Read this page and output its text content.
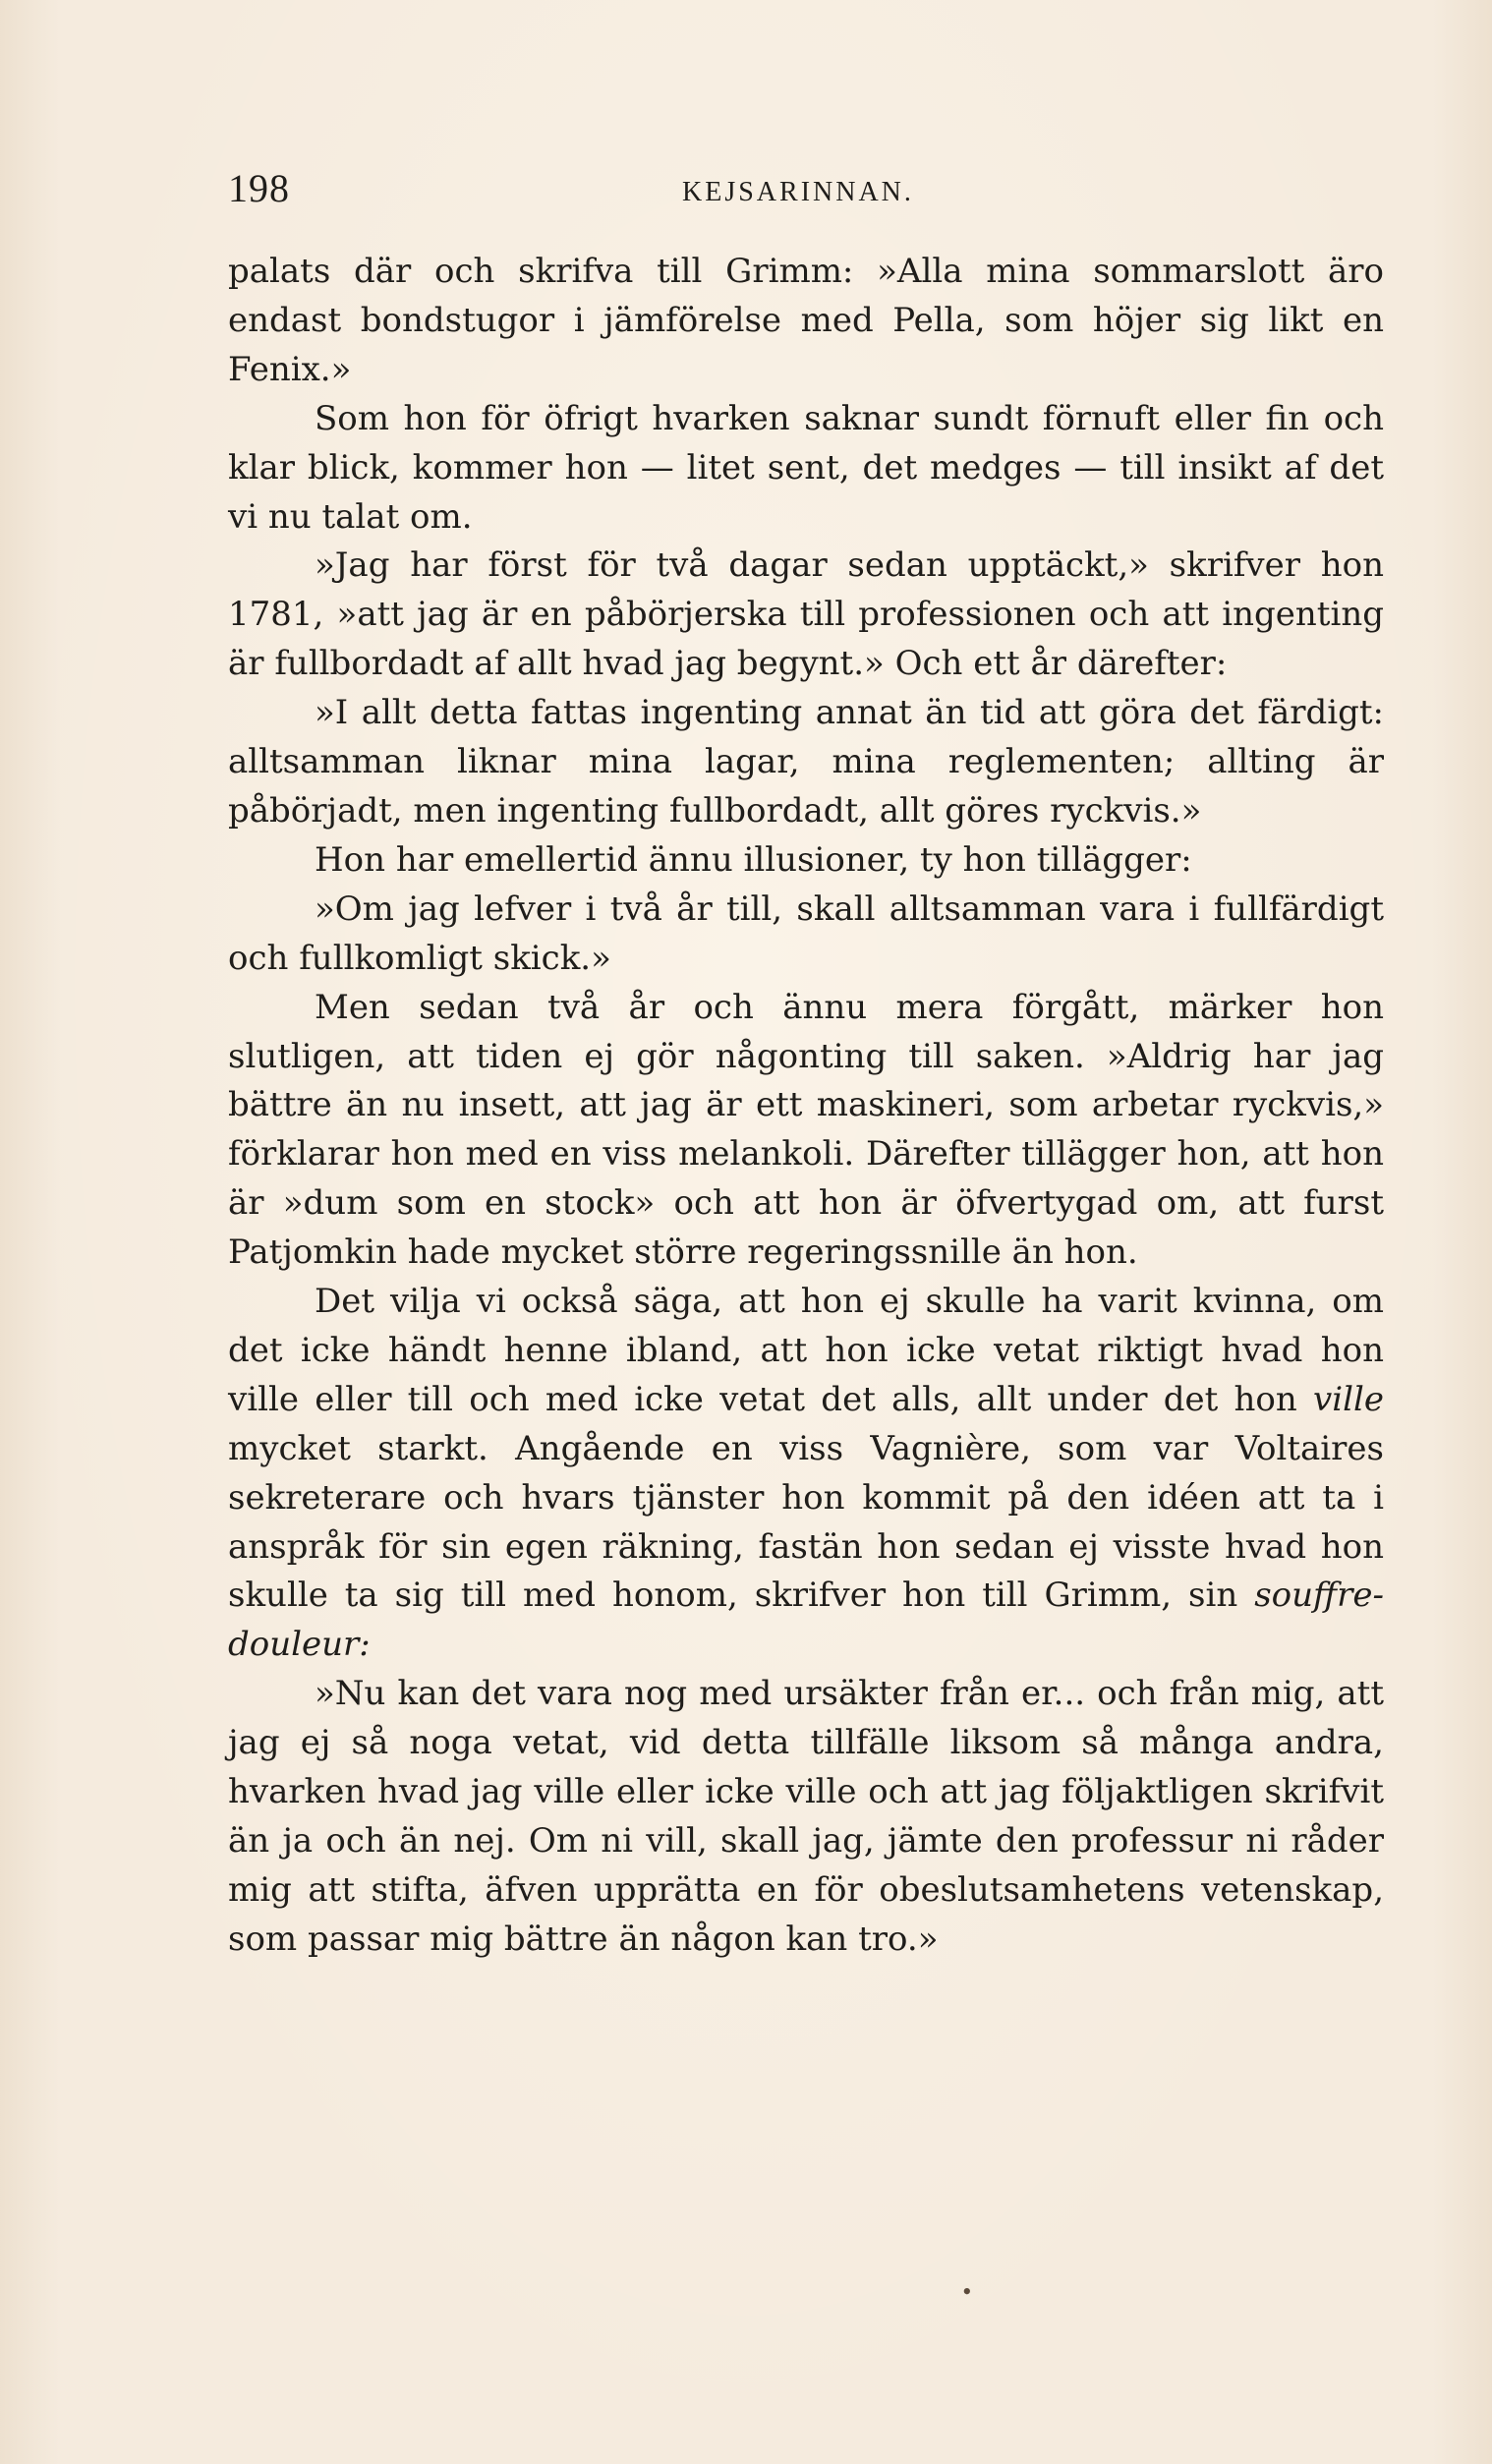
198	KEJSARINNAN.

palats där och skrifva till Grimm: »Alla mina sommarslott äro endast bondstugor i jämförelse med Pella, som höjer sig likt en Fenix.»

Som hon för öfrigt hvarken saknar sundt förnuft eller fin och klar blick, kommer hon — litet sent, det medges — till insikt af det vi nu talat om.

»Jag har först för två dagar sedan upptäckt,» skrifver hon 1781, »att jag är en påbörjerska till professionen och att ingenting är fullbordadt af allt hvad jag begynt.» Och ett år därefter:

»I allt detta fattas ingenting annat än tid att göra det färdigt: alltsamman liknar mina lagar, mina reglementen; allting är påbörjadt, men ingenting fullbordadt, allt göres ryckvis.»

Hon har emellertid ännu illusioner, ty hon tillägger:

»Om jag lefver i två år till, skall alltsamman vara i fullfärdigt och fullkomligt skick.»

Men sedan två år och ännu mera förgått, märker hon slutligen, att tiden ej gör någonting till saken. »Aldrig har jag bättre än nu insett, att jag är ett maskineri, som arbetar ryckvis,» förklarar hon med en viss melankoli. Därefter tillägger hon, att hon är »dum som en stock» och att hon är öfvertygad om, att furst Patjomkin hade mycket större regeringssnille än hon.

Det vilja vi också säga, att hon ej skulle ha varit kvinna, om det icke händt henne ibland, att hon icke vetat riktigt hvad hon ville eller till och med icke vetat det alls, allt under det hon ville mycket starkt. Angående en viss Vagnière, som var Voltaires sekreterare och hvars tjänster hon kommit på den idéen att ta i anspråk för sin egen räkning, fastän hon sedan ej visste hvad hon skulle ta sig till med honom, skrifver hon till Grimm, sin souffre-douleur:

»Nu kan det vara nog med ursäkter från er... och från mig, att jag ej så noga vetat, vid detta tillfälle liksom så många andra, hvarken hvad jag ville eller icke ville och att jag följaktligen skrifvit än ja och än nej. Om ni vill, skall jag, jämte den professur ni råder mig att stifta, äfven upprätta en för obeslutsamhetens vetenskap, som passar mig bättre än någon kan tro.»

•
